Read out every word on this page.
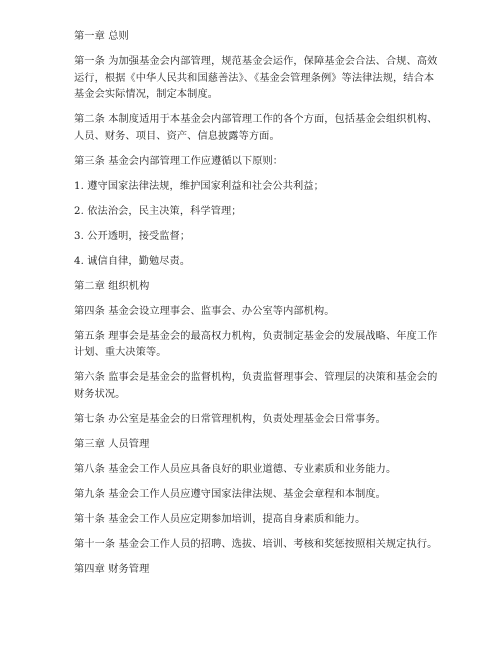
第一章 总则

第一条 为加强基金会内部管理，规范基金会运作，保障基金会合法、合规、高效运行，根据《中华人民共和国慈善法》、《基金会管理条例》等法律法规，结合本基金会实际情况，制定本制度。

第二条 本制度适用于本基金会内部管理工作的各个方面，包括基金会组织机构、人员、财务、项目、资产、信息披露等方面。

第三条 基金会内部管理工作应遵循以下原则：

1. 遵守国家法律法规，维护国家利益和社会公共利益；

2. 依法治会，民主决策，科学管理；

3. 公开透明，接受监督；

4. 诚信自律，勤勉尽责。

第二章 组织机构

第四条 基金会设立理事会、监事会、办公室等内部机构。

第五条 理事会是基金会的最高权力机构，负责制定基金会的发展战略、年度工作计划、重大决策等。

第六条 监事会是基金会的监督机构，负责监督理事会、管理层的决策和基金会的财务状况。

第七条 办公室是基金会的日常管理机构，负责处理基金会日常事务。

第三章 人员管理

第八条 基金会工作人员应具备良好的职业道德、专业素质和业务能力。

第九条 基金会工作人员应遵守国家法律法规、基金会章程和本制度。

第十条 基金会工作人员应定期参加培训，提高自身素质和能力。

第十一条 基金会工作人员的招聘、选拔、培训、考核和奖惩按照相关规定执行。

第四章 财务管理
